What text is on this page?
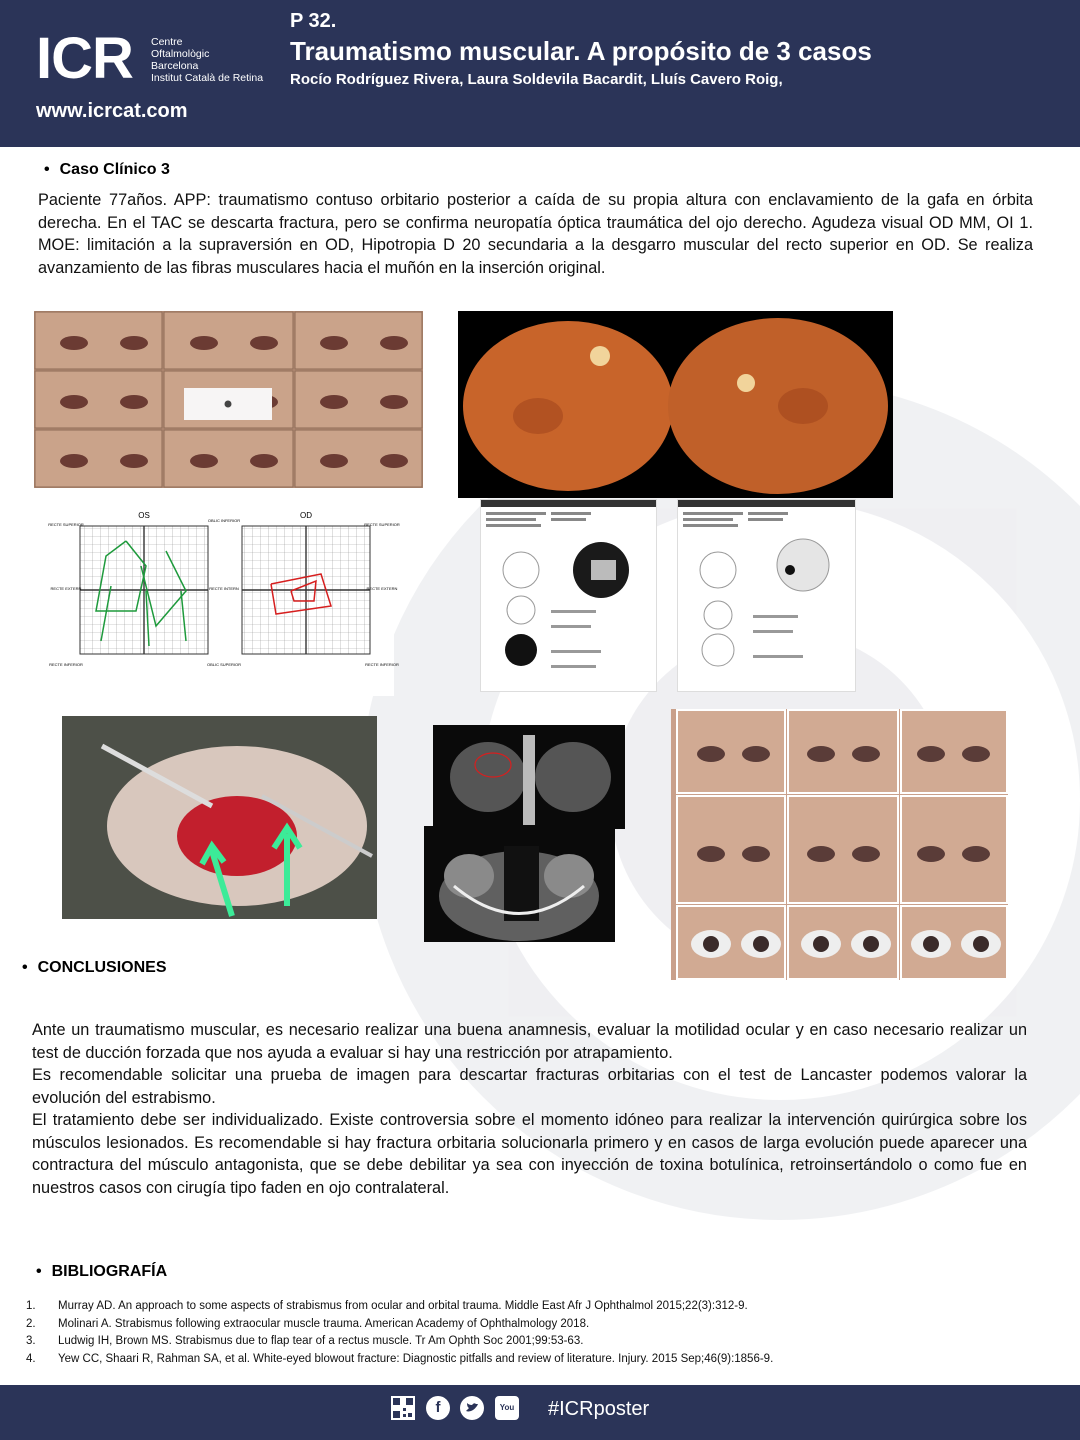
ICR Centre
Oftalmològic
Barcelona
Institut Català de Retina
www.icrcat.com
P 32.
Traumatismo muscular. A propósito de 3 casos
Rocío Rodríguez Rivera, Laura Soldevila Bacardit, Lluís Cavero Roig,
• Caso Clínico 3

Paciente 77años. APP: traumatismo contuso orbitario posterior a caída de su propia altura con enclavamiento de la gafa en órbita derecha. En el TAC se descarta fractura, pero se confirma neuropatía óptica traumática del ojo derecho. Agudeza visual OD MM, OI 1. MOE: limitación a la supraversión en OD, Hipotropia D 20 secundaria a la desgarro muscular del recto superior en OD. Se realiza avanzamiento de las fibras musculares hacia el muñón en la inserción original.

OS	OD
RECTE SUPERIOR
OBLIC INFERIOR
RECTE EXTERN	RECTE INTERN
RECTE INFERIOR	OBLIC SUPERIOR
RECTE SUPERIOR
RECTE EXTERN
RECTE INFERIOR
• CONCLUSIONES

Ante un traumatismo muscular, es necesario realizar una buena anamnesis, evaluar la motilidad ocular y en caso necesario realizar un test de ducción forzada que nos ayuda a evaluar si hay una restricción por atrapamiento.

Es recomendable solicitar una prueba de imagen para descartar fracturas orbitarias con el test de Lancaster podemos valorar la evolución del estrabismo.

El tratamiento debe ser individualizado. Existe controversia sobre el momento idóneo para realizar la intervención quirúrgica sobre los músculos lesionados. Es recomendable si hay fractura orbitaria solucionarla primero y en casos de larga evolución puede aparecer una contractura del músculo antagonista, que se debe debilitar ya sea con inyección de toxina botulínica, retroinsertándolo o como fue en nuestros casos con cirugía tipo faden en ojo contralateral.

• BIBLIOGRAFÍA
1.	Murray AD. An approach to some aspects of strabismus from ocular and orbital trauma. Middle East Afr J Ophthalmol 2015;22(3):312-9.
2.	Molinari A. Strabismus following extraocular muscle trauma. American Academy of Ophthalmology 2018.
3.	Ludwig IH, Brown MS. Strabismus due to flap tear of a rectus muscle. Tr Am Ophth Soc 2001;99:53-63.
4.	Yew CC, Shaari R, Rahman SA, et al. White-eyed blowout fracture: Diagnostic pitfalls and review of literature. Injury. 2015 Sep;46(9):1856-9.
f	You #ICRposter
